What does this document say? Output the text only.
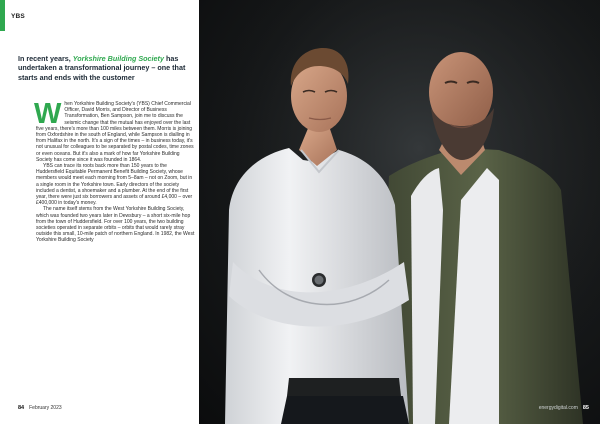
YBS
In recent years, Yorkshire Building Society has undertaken a transformational journey – one that starts and ends with the customer

When Yorkshire Building Society's (YBS) Chief Commercial Officer, David Morris, and Director of Business Transformation, Ben Sampson, join me to discuss the seismic change that the mutual has enjoyed over the last five years, there's more than 100 miles between them. Morris is joining from Oxfordshire in the south of England, while Sampson is dialling in from Halifax in the north. It's a sign of the times – in business today, it's not unusual for colleagues to be separated by postal codes, time zones or even oceans. But it's also a mark of how far Yorkshire Building Society has come since it was founded in 1864.

YBS can trace its roots back more than 150 years to the Huddersfield Equitable Permanent Benefit Building Society, whose members would meet each morning from 5–8am – not on Zoom, but in a single room in the Yorkshire town. Early directors of the society included a dentist, a shoemaker and a plumber. At the end of the first year, there were just six borrowers and assets of around £4,000 – over £400,000 in today's money.

The name itself stems from the West Yorkshire Building Society, which was founded two years later in Dewsbury – a short six-mile hop from the town of Huddersfield. For over 100 years, the two building societies operated in separate orbits – orbits that would rarely stray outside this small, 10-mile patch of northern England. In 1982, the West Yorkshire Building Society

84 February 2023	energydigital.com 85
